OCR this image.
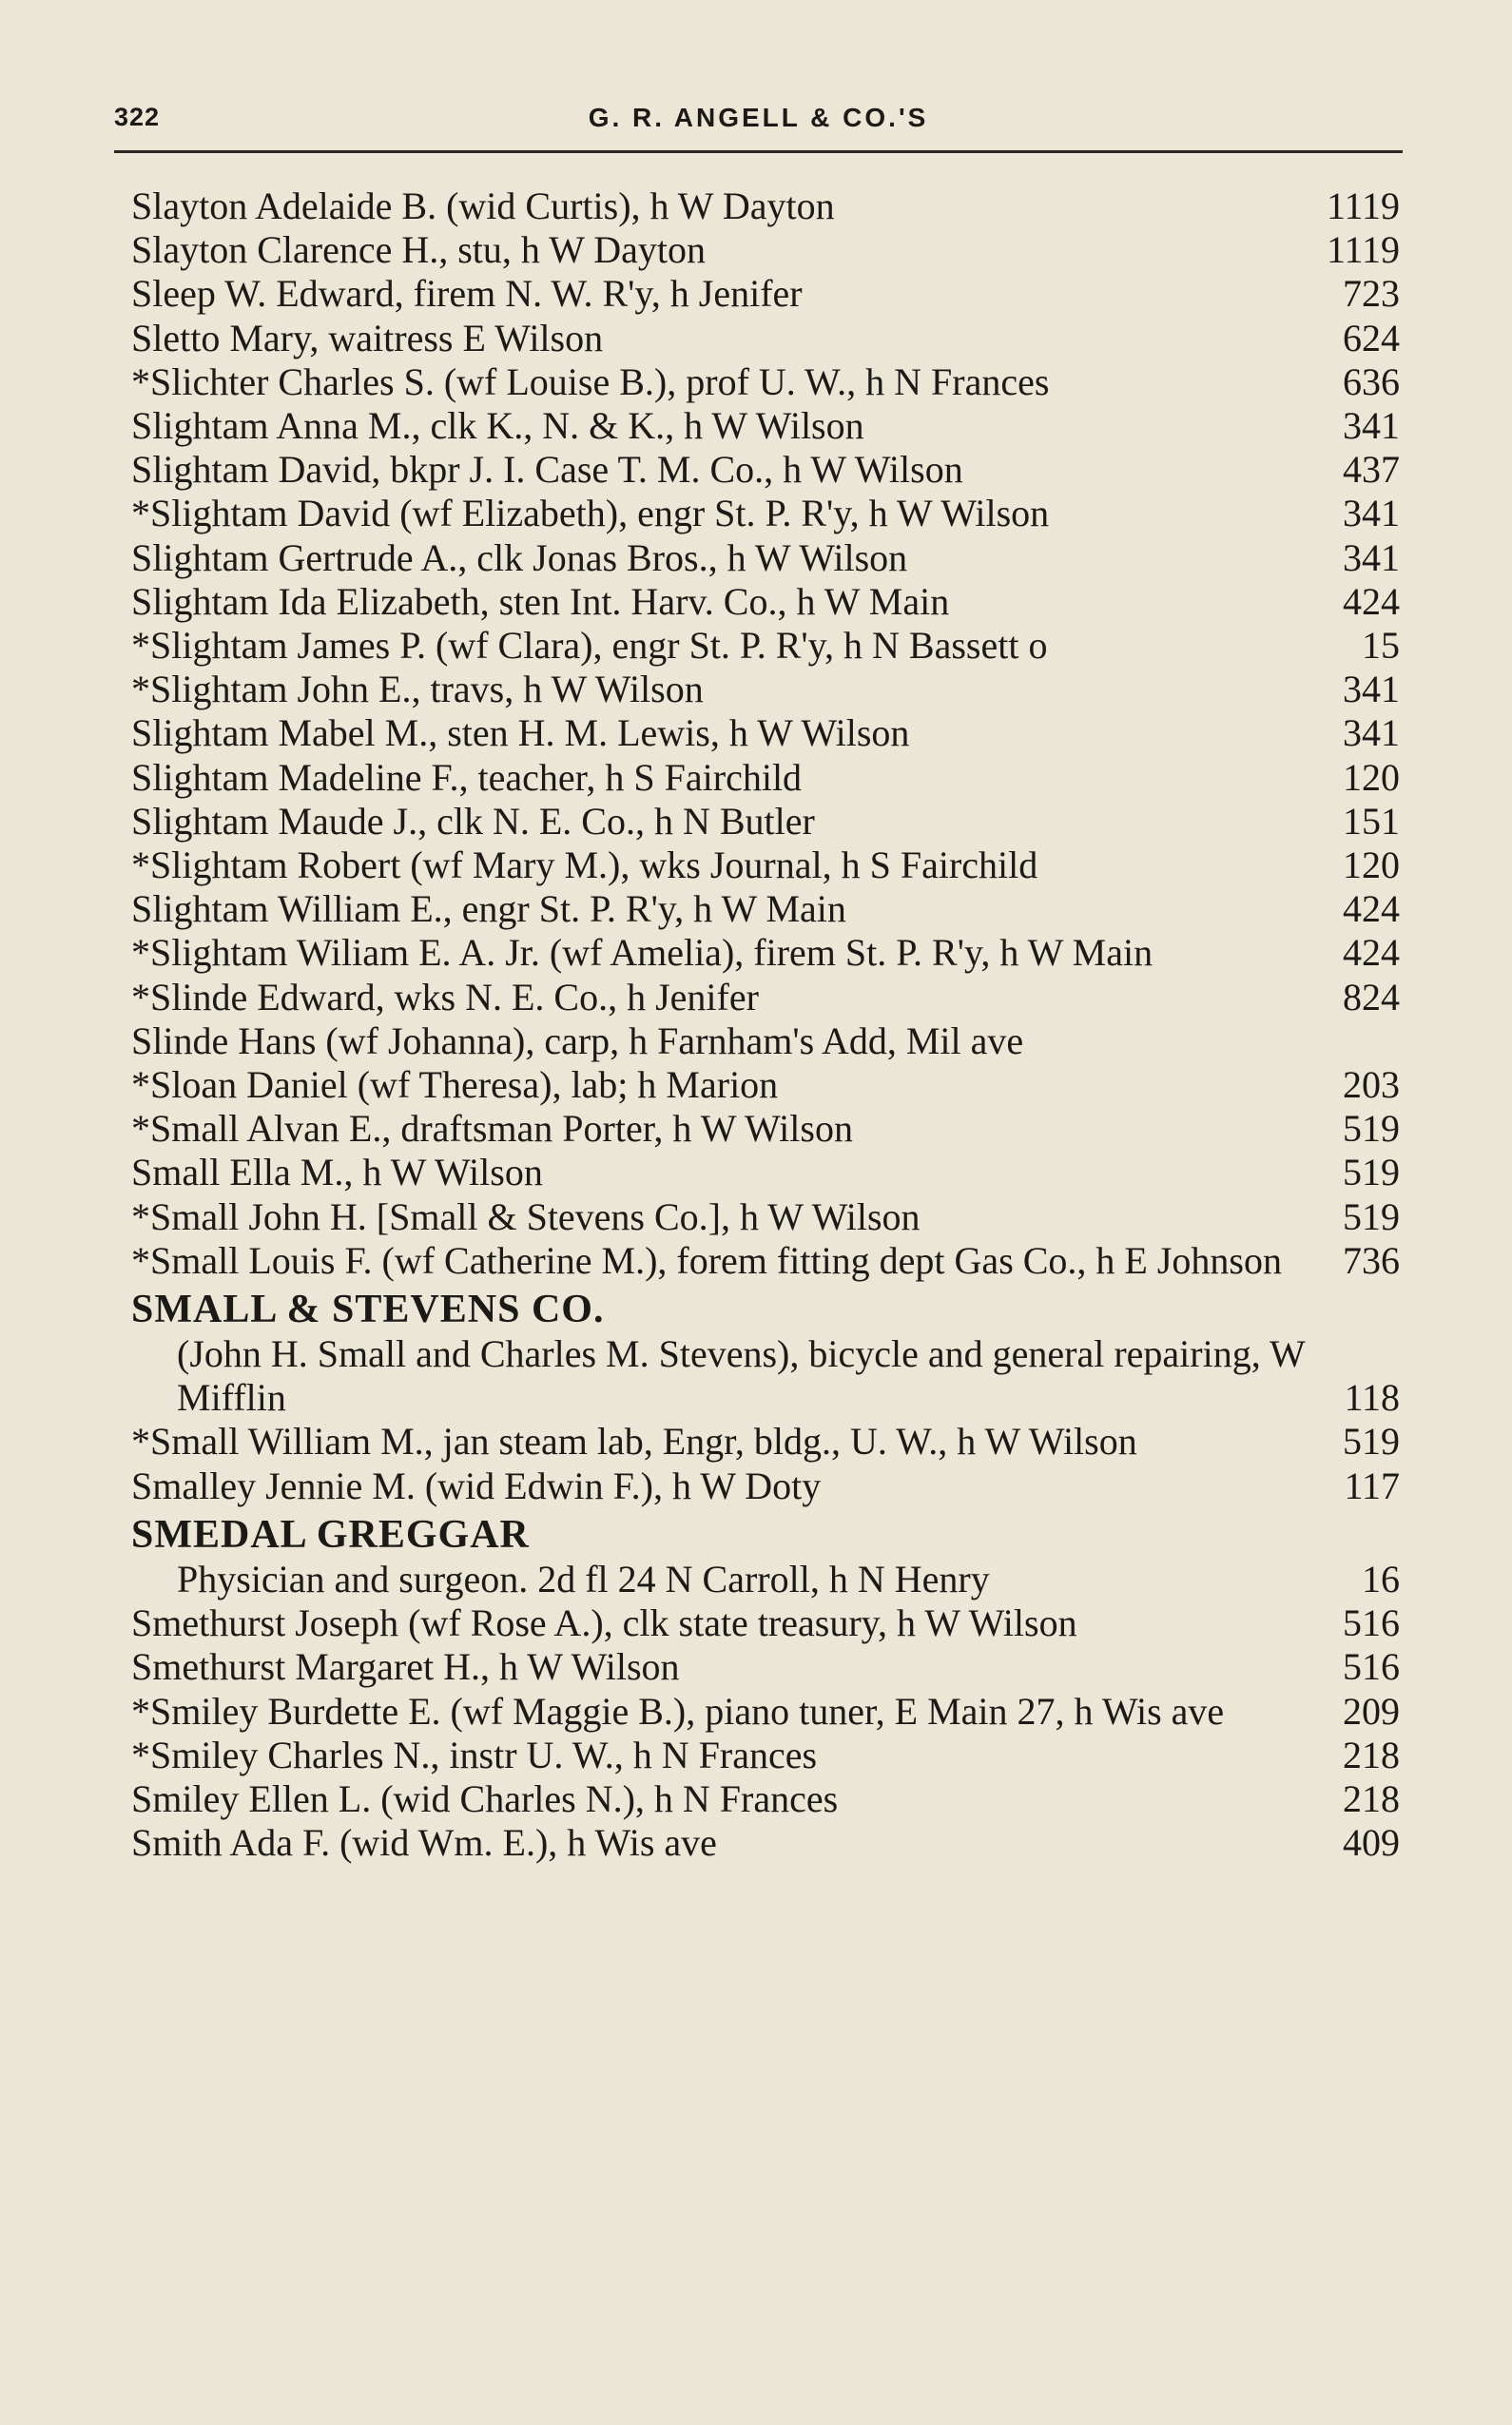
322	G. R. ANGELL & CO.'S
Slayton Adelaide B. (wid Curtis), h W Dayton	1119
Slayton Clarence H., stu, h W Dayton	1119
Sleep W. Edward, firem N. W. R'y, h Jenifer	723
Sletto Mary, waitress E Wilson	624
*Slichter Charles S. (wf Louise B.), prof U. W., h N Frances	636
Slightam Anna M., clk K., N. & K., h W Wilson	341
Slightam David, bkpr J. I. Case T. M. Co., h W Wilson	437
*Slightam David (wf Elizabeth), engr St. P. R'y, h W Wilson	341
Slightam Gertrude A., clk Jonas Bros., h W Wilson	341
Slightam Ida Elizabeth, sten Int. Harv. Co., h W Main	424
*Slightam James P. (wf Clara), engr St. P. R'y, h N Bassett o	15
*Slightam John E., travs, h W Wilson	341
Slightam Mabel M., sten H. M. Lewis, h W Wilson	341
Slightam Madeline F., teacher, h S Fairchild	120
Slightam Maude J., clk N. E. Co., h N Butler	151
*Slightam Robert (wf Mary M.), wks Journal, h S Fairchild	120
Slightam William E., engr St. P. R'y, h W Main	424
*Slightam Wiliam E. A. Jr. (wf Amelia), firem St. P. R'y, h W Main	424
*Slinde Edward, wks N. E. Co., h Jenifer	824
Slinde Hans (wf Johanna), carp, h Farnham's Add, Mil ave
*Sloan Daniel (wf Theresa), lab; h Marion	203
*Small Alvan E., draftsman Porter, h W Wilson	519
Small Ella M., h W Wilson	519
*Small John H. [Small & Stevens Co.], h W Wilson	519
*Small Louis F. (wf Catherine M.), forem fitting dept Gas Co., h E Johnson 736
SMALL & STEVENS CO.
(John H. Small and Charles M. Stevens), bicycle and general repairing, W Mifflin	118
*Small William M., jan steam lab, Engr, bldg., U. W., h W Wilson	519
Smalley Jennie M. (wid Edwin F.), h W Doty	117
SMEDAL GREGGAR
Physician and surgeon. 2d fl 24 N Carroll, h N Henry	16
Smethurst Joseph (wf Rose A.), clk state treasury, h W Wilson	516
Smethurst Margaret H., h W Wilson	516
*Smiley Burdette E. (wf Maggie B.), piano tuner, E Main 27, h Wis ave	209
*Smiley Charles N., instr U. W., h N Frances	218
Smiley Ellen L. (wid Charles N.), h N Frances	218
Smith Ada F. (wid Wm. E.), h Wis ave	409
